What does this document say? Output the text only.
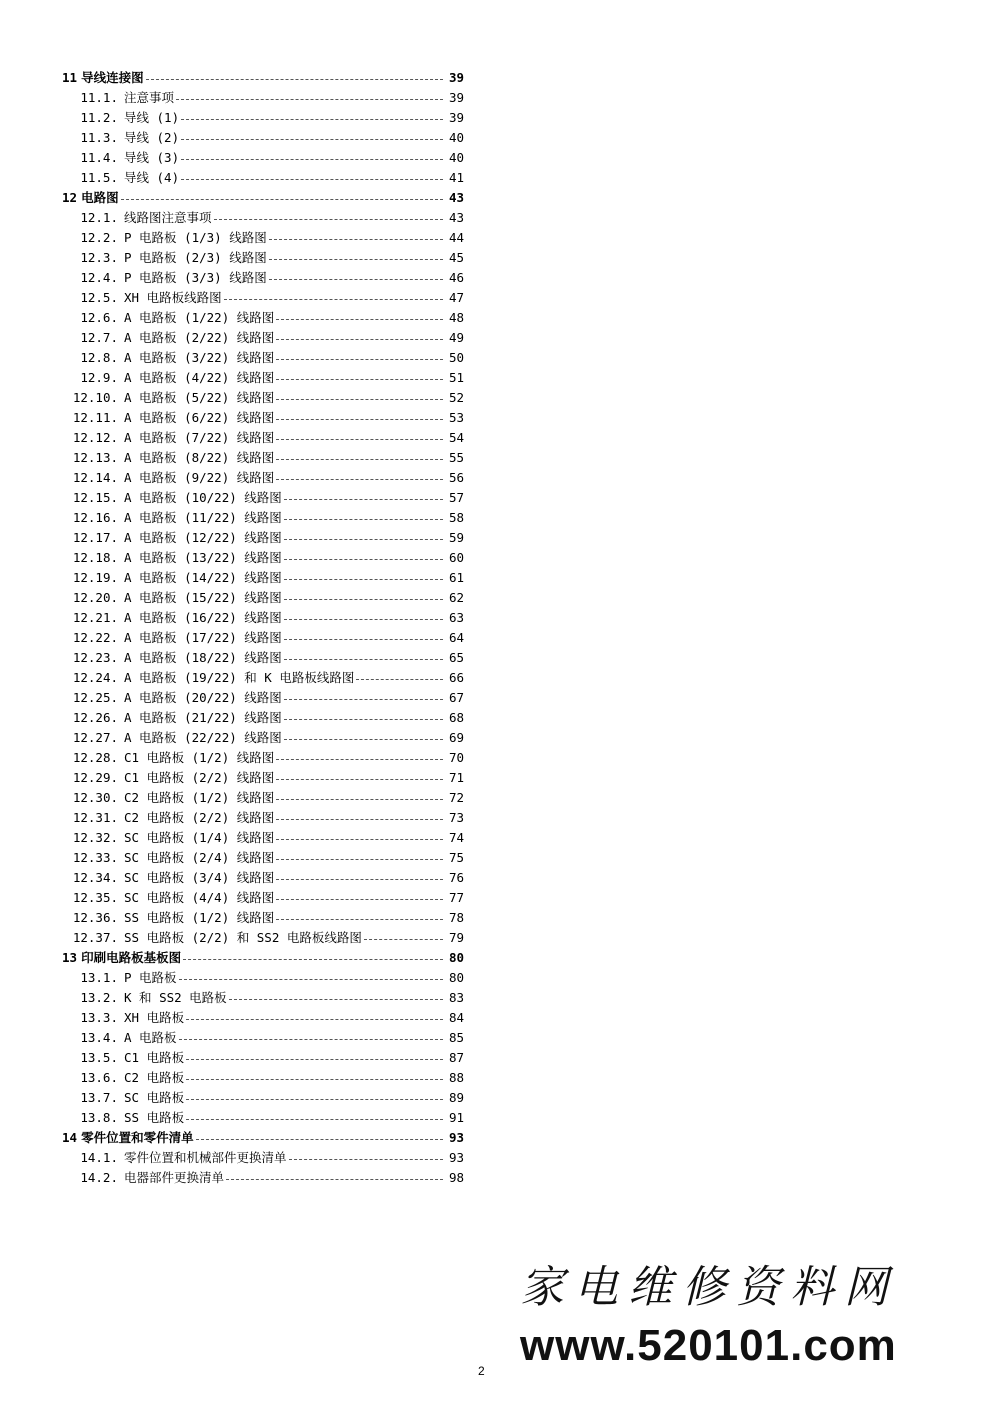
11 导线连接图	39
11.1. 注意事项	39
11.2. 导线 (1)	39
11.3. 导线 (2)	40
11.4. 导线 (3)	40
11.5. 导线 (4)	41
12 电路图	43
12.1. 线路图注意事项	43
12.2. P 电路板 (1/3) 线路图	44
12.3. P 电路板 (2/3) 线路图	45
12.4. P 电路板 (3/3) 线路图	46
12.5. XH 电路板线路图	47
12.6. A 电路板 (1/22) 线路图	48
12.7. A 电路板 (2/22) 线路图	49
12.8. A 电路板 (3/22) 线路图	50
12.9. A 电路板 (4/22) 线路图	51
12.10. A 电路板 (5/22) 线路图	52
12.11. A 电路板 (6/22) 线路图	53
12.12. A 电路板 (7/22) 线路图	54
12.13. A 电路板 (8/22) 线路图	55
12.14. A 电路板 (9/22) 线路图	56
12.15. A 电路板 (10/22) 线路图	57
12.16. A 电路板 (11/22) 线路图	58
12.17. A 电路板 (12/22) 线路图	59
12.18. A 电路板 (13/22) 线路图	60
12.19. A 电路板 (14/22) 线路图	61
12.20. A 电路板 (15/22) 线路图	62
12.21. A 电路板 (16/22) 线路图	63
12.22. A 电路板 (17/22) 线路图	64
12.23. A 电路板 (18/22) 线路图	65
12.24. A 电路板 (19/22) 和 K 电路板线路图	66
12.25. A 电路板 (20/22) 线路图	67
12.26. A 电路板 (21/22) 线路图	68
12.27. A 电路板 (22/22) 线路图	69
12.28. C1 电路板 (1/2) 线路图	70
12.29. C1 电路板 (2/2) 线路图	71
12.30. C2 电路板 (1/2) 线路图	72
12.31. C2 电路板 (2/2) 线路图	73
12.32. SC 电路板 (1/4) 线路图	74
12.33. SC 电路板 (2/4) 线路图	75
12.34. SC 电路板 (3/4) 线路图	76
12.35. SC 电路板 (4/4) 线路图	77
12.36. SS 电路板 (1/2) 线路图	78
12.37. SS 电路板 (2/2) 和 SS2 电路板线路图	79
13 印刷电路板基板图	80
13.1. P 电路板	80
13.2. K 和 SS2 电路板	83
13.3. XH 电路板	84
13.4. A 电路板	85
13.5. C1 电路板	87
13.6. C2 电路板	88
13.7. SC 电路板	89
13.8. SS 电路板	91
14 零件位置和零件清单	93
14.1. 零件位置和机械部件更换清单	93
14.2. 电器部件更换清单	98
2
家电维修资料网
www.520101.com
